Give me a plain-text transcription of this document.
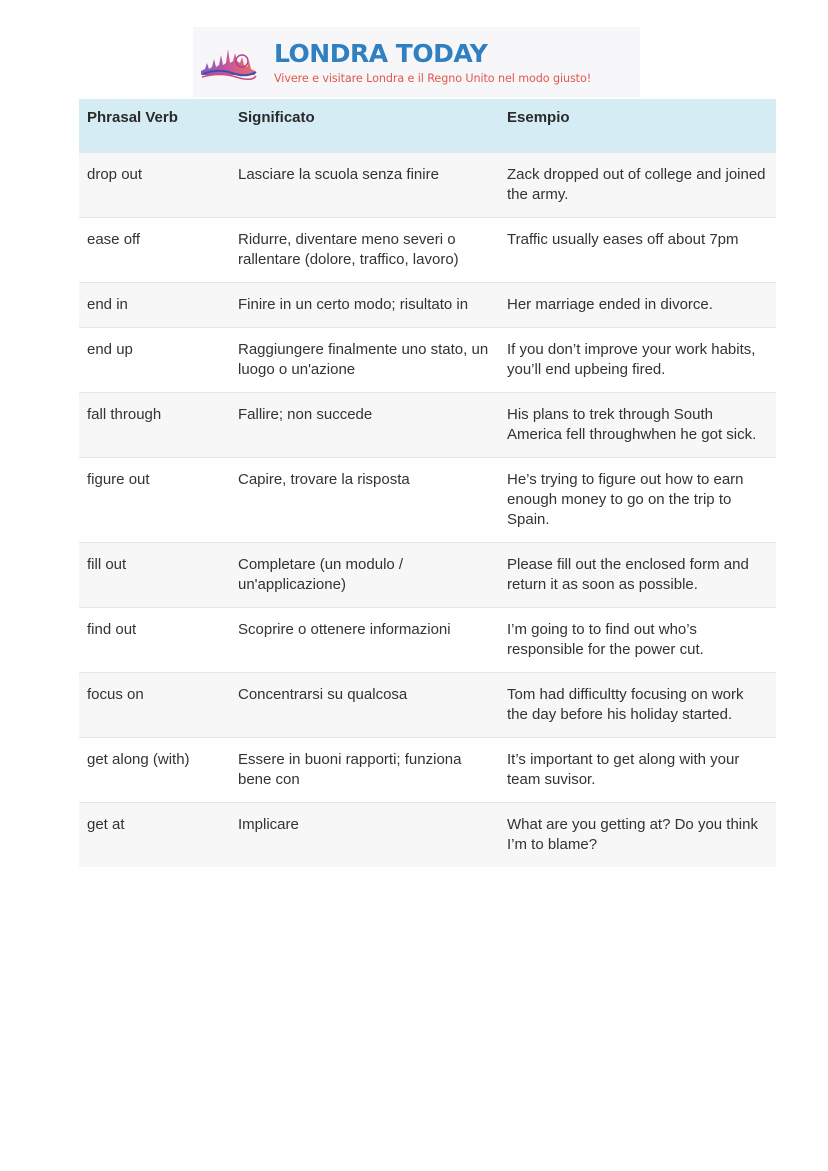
LONDRA TODAY
Vivere e visitare Londra e il Regno Unito nel modo giusto!
Phrasal Verb	Significato	Esempio
drop out	Lasciare la scuola senza finire	Zack dropped out of college and joined the army.
ease off	Ridurre, diventare meno severi o rallentare (dolore, traffico, lavoro)	Traffic usually eases off about 7pm
end in	Finire in un certo modo; risultato in	Her marriage ended in divorce.
end up	Raggiungere finalmente uno stato, un luogo o un'azione	If you don’t improve your work habits, you’ll end upbeing fired.
fall through	Fallire; non succede	His plans to trek through South America fell throughwhen he got sick.
figure out	Capire, trovare la risposta	He’s trying to figure out how to earn enough money to go on the trip to Spain.
fill out	Completare (un modulo / un'applicazione)	Please fill out the enclosed form and return it as soon as possible.
find out	Scoprire o ottenere informazioni	I’m going to to find out who’s responsible for the power cut.
focus on	Concentrarsi su qualcosa	Tom had difficultty focusing on work the day before his holiday started.
get along (with)	Essere in buoni rapporti; funziona bene con	It’s important to get along with your team suvisor.
get at	Implicare	What are you getting at? Do you think I’m to blame?
